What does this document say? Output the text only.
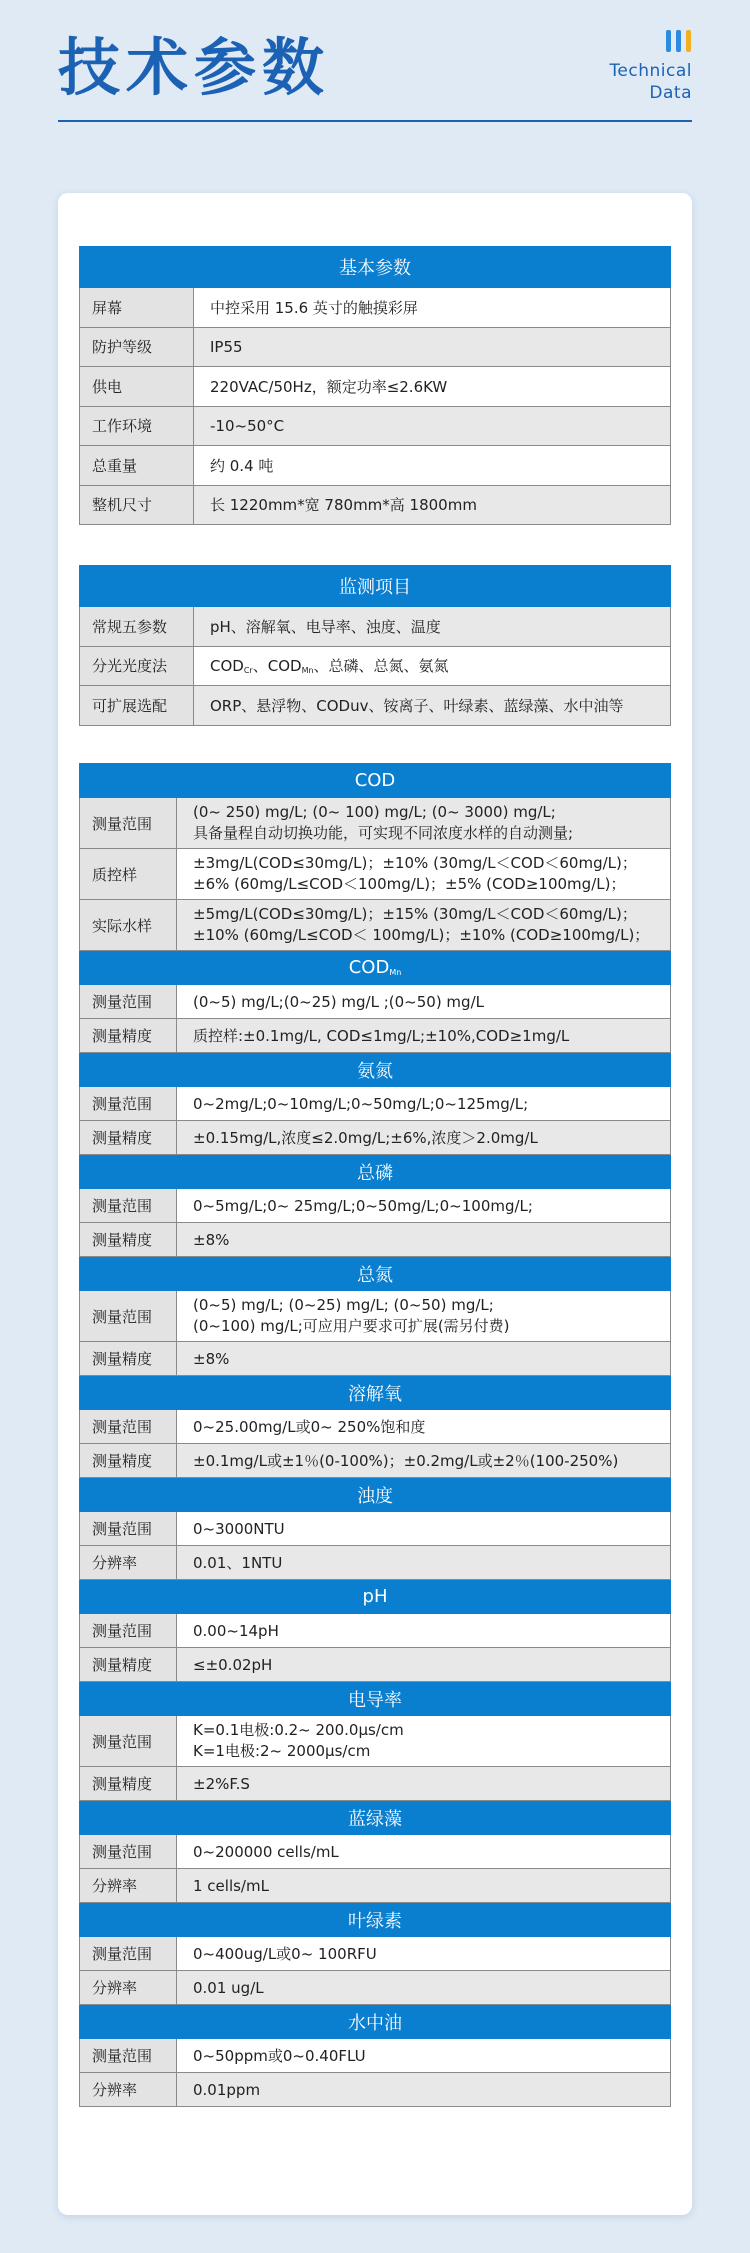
技术参数	Technical
Data
基本参数	
屏幕	中控采用 15.6 英寸的触摸彩屏
防护等级	IP55
供电	220VAC/50Hz，额定功率≤2.6KW
工作环境	-10~50°C
总重量	约 0.4 吨
整机尺寸	长 1220mm*宽 780mm*高 1800mm
监测项目	
常规五参数	pH、溶解氧、电导率、浊度、温度
分光光度法	$COD_{Cr}$、$COD_{Mn}$、总磷、总氮、氨氮
可扩展选配	ORP、悬浮物、CODuv、铵离子、叶绿素、蓝绿藻、水中油等
COD	
测量范围	(0~ 250) mg/L; (0~ 100) mg/L; (0~ 3000) mg/L;
具备量程自动切换功能，可实现不同浓度水样的自动测量;

质控样	±3mg/L(COD≤30mg/L)；±10% (30mg/L＜COD＜60mg/L)；
±6% (60mg/L≤COD＜100mg/L)；±5% (COD≥100mg/L)；

实际水样	±5mg/L(COD≤30mg/L)；±15% (30mg/L＜COD＜60mg/L)；
±10% (60mg/L≤COD＜ 100mg/L)；±10% (COD≥100mg/L)；

$COD_{Mn}$
测量范围	(0~5) mg/L;(0~25) mg/L ;(0~50) mg/L
测量精度	质控样:±0.1mg/L, COD≤1mg/L;±10%,COD≥1mg/L
氨氮	
测量范围	0~2mg/L;0~10mg/L;0~50mg/L;0~125mg/L;
测量精度	±0.15mg/L,浓度≤2.0mg/L;±6%,浓度＞2.0mg/L
总磷	
测量范围	0~5mg/L;0~ 25mg/L;0~50mg/L;0~100mg/L;
测量精度	±8%
总氮	
测量范围	(0~5) mg/L; (0~25) mg/L; (0~50) mg/L;
(0~100) mg/L;可应用户要求可扩展(需另付费)

测量精度	±8%
溶解氧	
测量范围	0~25.00mg/L或0~ 250%饱和度
测量精度	±0.1mg/L或±1％(0-100%)；±0.2mg/L或±2％(100-250%)
浊度	
测量范围	0~3000NTU
分辨率	0.01、1NTU
pH	
测量范围	0.00~14pH
测量精度	≤±0.02pH
电导率	
测量范围	K=0.1电极:0.2~ 200.0μs/cm
K=1电极:2~ 2000μs/cm

测量精度	±2%F.S
蓝绿藻	
测量范围	0~200000 cells/mL
分辨率	1 cells/mL
叶绿素	
测量范围	0~400ug/L或0~ 100RFU
分辨率	0.01 ug/L
水中油	
测量范围	0~50ppm或0~0.40FLU
分辨率	0.01ppm
